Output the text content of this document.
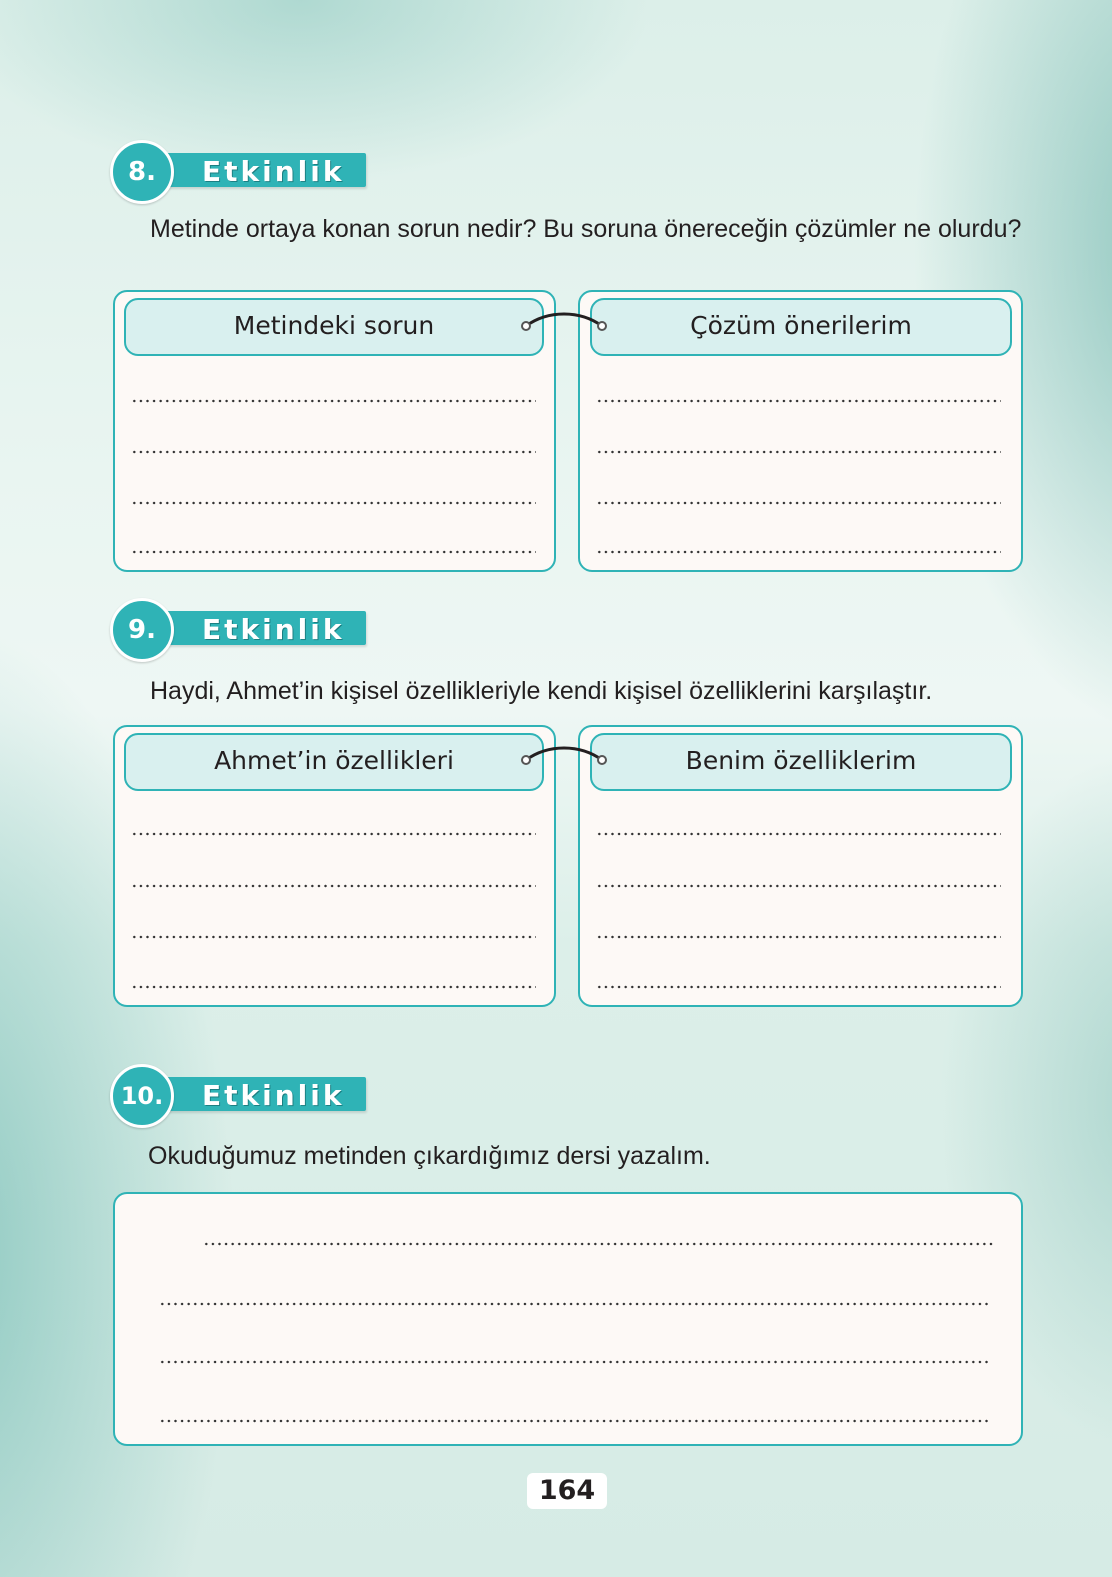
Etkinlik
8.
Metinde ortaya konan sorun nedir? Bu soruna önereceğin çözümler ne olurdu?
Metindeki sorun	Çözüm önerilerim
Etkinlik
9.
Haydi, Ahmet’in kişisel özellikleriyle kendi kişisel özelliklerini karşılaştır.
Ahmet’in özellikleri	Benim özelliklerim
Etkinlik
10.
Okuduğumuz metinden çıkardığımız dersi yazalım.
164
